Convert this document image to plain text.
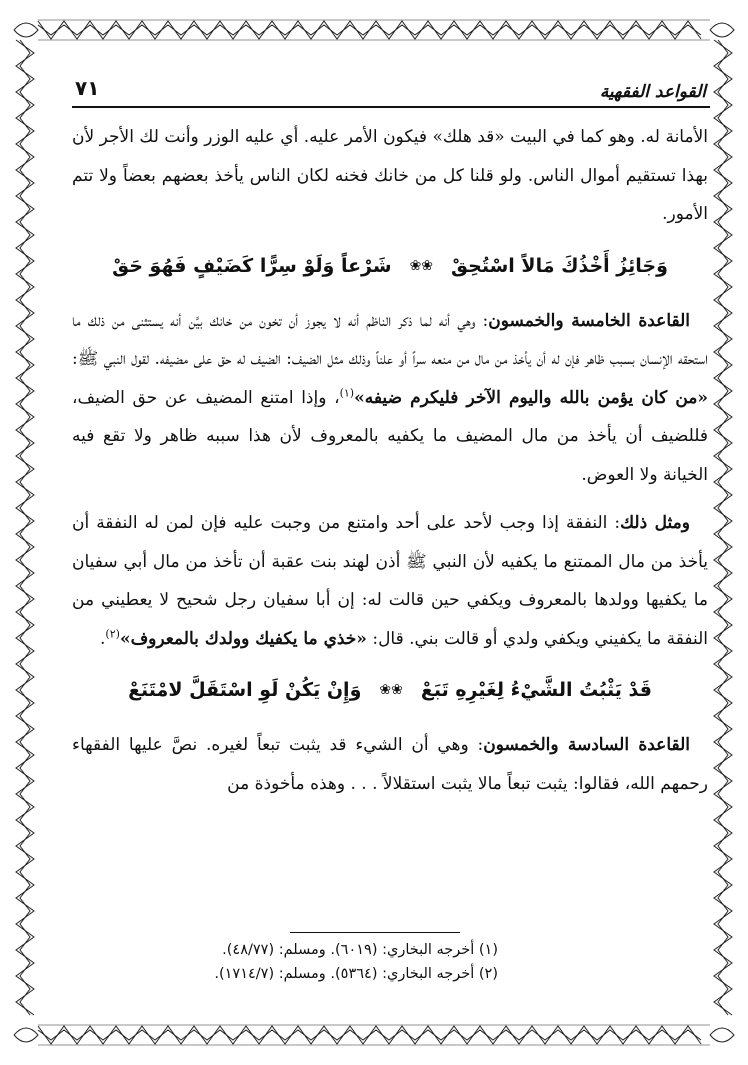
٧١	القواعد الفقهية

الأمانة له. وهو كما في البيت «قد هلك» فيكون الأمر عليه. أي عليه الوزر وأنت لك الأجر لأن بهذا تستقيم أموال الناس. ولو قلنا كل من خانك فخنه لكان الناس يأخذ بعضهم بعضاً ولا تتم الأمور.

وَجَائِزُ أَخْذُكَ مَالاً اسْتُحِقْ
❀❀
شَرْعاً وَلَوْ سِرًّا كَضَيْفٍ فَهُوَ حَقْ

القاعدة الخامسة والخمسون: وهي أنه لما ذكر الناظم أنه لا يجوز أن تخون من خانك بيَّن أنه يستثنى من ذلك ما استحقه الإنسان بسبب ظاهر فإن له أن يأخذ من مال من منعه سراً أو علناً وذلك مثل الضيف: الضيف له حق على مضيفه. لقول النبي ﷺ: «من كان يؤمن بالله واليوم الآخر فليكرم ضيفه»$^{(١)}$، وإذا امتنع المضيف عن حق الضيف، فللضيف أن يأخذ من مال المضيف ما يكفيه بالمعروف لأن هذا سببه ظاهر ولا تقع فيه الخيانة ولا العوض.

ومثل ذلك: النفقة إذا وجب لأحد على أحد وامتنع من وجبت عليه فإن لمن له النفقة أن يأخذ من مال الممتنع ما يكفيه لأن النبي ﷺ أذن لهند بنت عقبة أن تأخذ من مال أبي سفيان ما يكفيها وولدها بالمعروف ويكفي حين قالت له: إن أبا سفيان رجل شحيح لا يعطيني من النفقة ما يكفيني ويكفي ولدي أو قالت بني. قال: «خذي ما يكفيك وولدك بالمعروف»$^{(٢)}$.

قَدْ يَثْبُتُ الشَّيْءُ لِغَيْرِهِ تَبَعْ
❀❀
وَإِنْ يَكُنْ لَوِ اسْتَقَلَّ لامْتَنَعْ

القاعدة السادسة والخمسون: وهي أن الشيء قد يثبت تبعاً لغيره. نصَّ عليها الفقهاء رحمهم الله، فقالوا: يثبت تبعاً مالا يثبت استقلالاً . . . وهذه مأخوذة من

(١) أخرجه البخاري: (٦٠١٩). ومسلم: (٤٨/٧٧).
(٢) أخرجه البخاري: (٥٣٦٤). ومسلم: (١٧١٤/٧).
